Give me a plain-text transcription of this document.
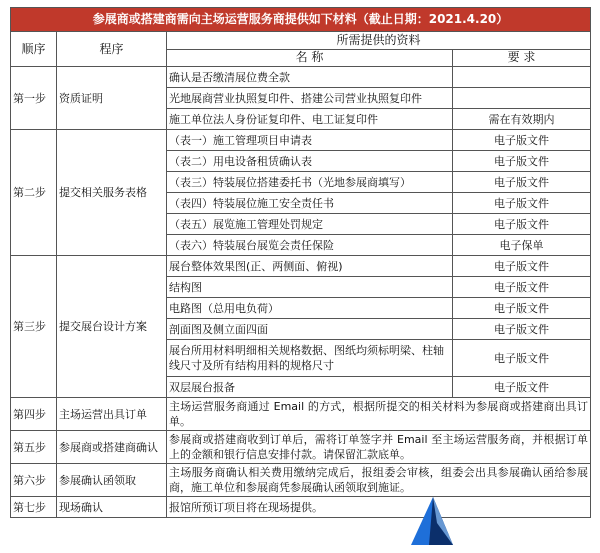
参展商或搭建商需向主场运营服务商提供如下材料（截止日期：2021.4.20）			
顺序	程序	所需提供的资料	
		名 称	要 求
第一步	资质证明	确认是否缴清展位费全款	
		光地展商营业执照复印件、搭建公司营业执照复印件	
		施工单位法人身份证复印件、电工证复印件	需在有效期内
第二步	提交相关服务表格	（表一）施工管理项目申请表	电子版文件
		（表二）用电设备租赁确认表	电子版文件
		（表三）特装展位搭建委托书（光地参展商填写）	电子版文件
		（表四）特装展位施工安全责任书	电子版文件
		（表五）展览施工管理处罚规定	电子版文件
		（表六）特装展台展览会责任保险	电子保单
第三步	提交展台设计方案	展台整体效果图(正、两侧面、俯视)	电子版文件
		结构图	电子版文件
		电路图（总用电负荷）	电子版文件
		剖面图及侧立面四面	电子版文件
		展台所用材料明细相关规格数据、图纸均须标明梁、柱轴线尺寸及所有结构用料的规格尺寸	电子版文件
		双层展台报备	电子版文件
第四步	主场运营出具订单	主场运营服务商通过 Email 的方式，根据所提交的相关材料为参展商或搭建商出具订单。	
第五步	参展商或搭建商确认	参展商或搭建商收到订单后，需将订单签字并 Email 至主场运营服务商，并根据订单上的金额和银行信息安排付款。请保留汇款底单。	
第六步	参展确认函领取	主场服务商确认相关费用缴纳完成后，报组委会审核，组委会出具参展确认函给参展商，施工单位和参展商凭参展确认函领取到施证。	
第七步	现场确认	报馆所预订项目将在现场提供。	
帐篷
